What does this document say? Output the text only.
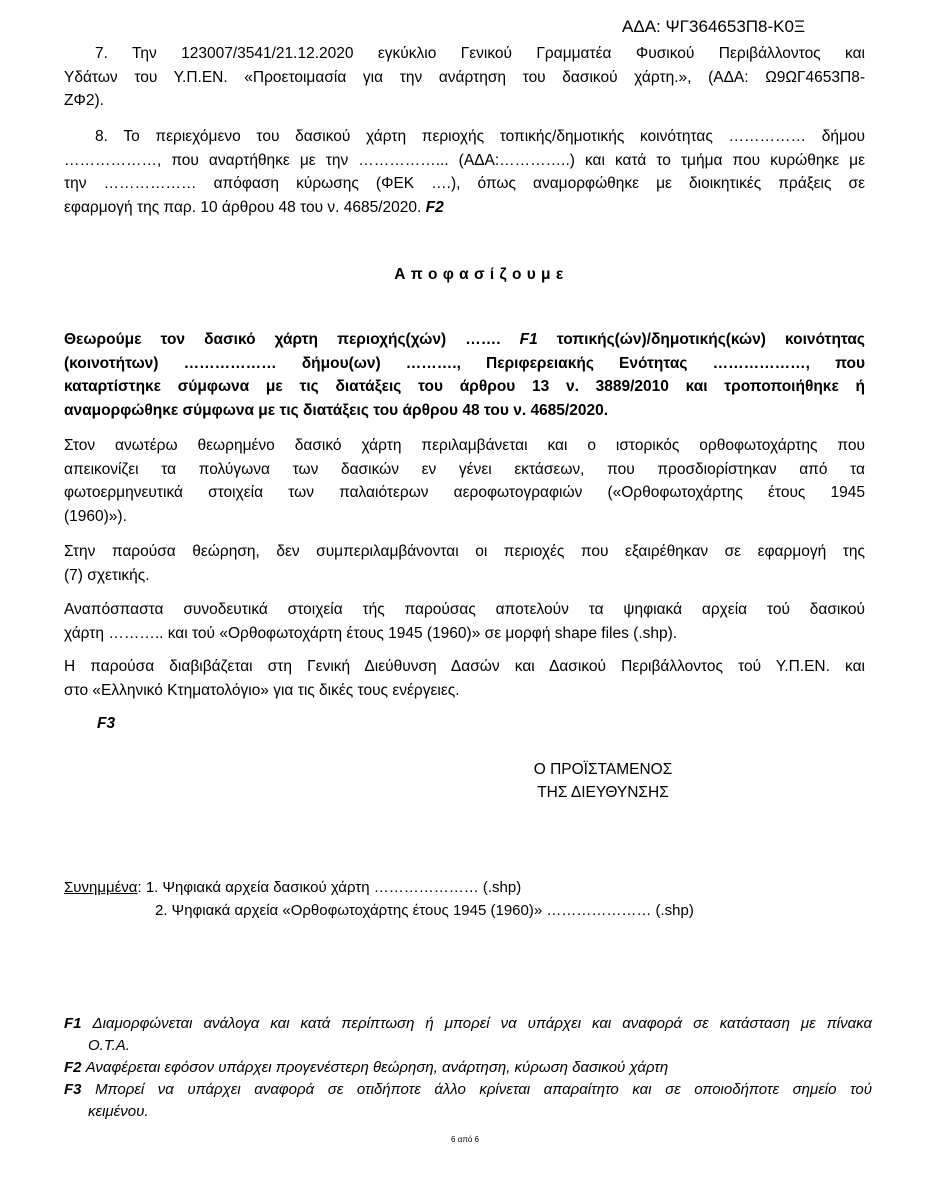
ΑΔΑ: ΨΓ364653Π8-Κ0Ξ
7. Την 123007/3541/21.12.2020 εγκύκλιο Γενικού Γραμματέα Φυσικού Περιβάλλοντος και
Υδάτων του Υ.Π.ΕΝ. «Προετοιμασία για την ανάρτηση του δασικού χάρτη.», (ΑΔΑ: Ω9ΩΓ4653Π8-
ΖΦ2).
8. Το περιεχόμενο του δασικού χάρτη περιοχής τοπικής/δημοτικής κοινότητας …………… δήμου
………………, που αναρτήθηκε με την ……………... (ΑΔΑ:…………..) και κατά το τμήμα που κυρώθηκε με
την ……………… απόφαση κύρωσης (ΦΕΚ ….), όπως αναμορφώθηκε με διοικητικές πράξεις σε
εφαρμογή της παρ. 10 άρθρου 48 του ν. 4685/2020. F2
Α π ο φ α σ ί ζ ο υ μ ε
Θεωρούμε τον δασικό χάρτη περιοχής(χών) ……. F1 τοπικής(ών)/δημοτικής(κών) κοινότητας
(κοινοτήτων) ……………… δήμου(ων) ………., Περιφερειακής Ενότητας ………………, που
καταρτίστηκε σύμφωνα με τις διατάξεις του άρθρου 13 ν. 3889/2010 και τροποποιήθηκε ή
αναμορφώθηκε σύμφωνα με τις διατάξεις του άρθρου 48 του ν. 4685/2020.
Στον ανωτέρω θεωρημένο δασικό χάρτη περιλαμβάνεται και ο ιστορικός ορθοφωτοχάρτης που
απεικονίζει τα πολύγωνα των δασικών εν γένει εκτάσεων, που προσδιορίστηκαν από τα
φωτοερμηνευτικά στοιχεία των παλαιότερων αεροφωτογραφιών («Ορθοφωτοχάρτης έτους 1945
(1960)»).
Στην παρούσα θεώρηση, δεν συμπεριλαμβάνονται οι περιοχές που εξαιρέθηκαν σε εφαρμογή της
(7) σχετικής.
Αναπόσπαστα συνοδευτικά στοιχεία τής παρούσας αποτελούν τα ψηφιακά αρχεία τού δασικού
χάρτη ……….. και τού «Ορθοφωτοχάρτη έτους 1945 (1960)» σε μορφή shape files (.shp).
Η παρούσα διαβιβάζεται στη Γενική Διεύθυνση Δασών και Δασικού Περιβάλλοντος τού Υ.Π.ΕΝ. και
στο «Ελληνικό Κτηματολόγιο» για τις δικές τους ενέργειες.
F3
Ο ΠΡΟΪΣΤΑΜΕΝΟΣ
ΤΗΣ ΔΙΕΥΘΥΝΣΗΣ
Συνημμένα: 1. Ψηφιακά αρχεία δασικού χάρτη ………………… (.shp)
2. Ψηφιακά αρχεία «Ορθοφωτοχάρτης έτους 1945 (1960)» ………………… (.shp)
F1 Διαμορφώνεται ανάλογα και κατά περίπτωση ή μπορεί να υπάρχει και αναφορά σε κατάσταση με πίνακα
Ο.Τ.Α.
F2 Αναφέρεται εφόσον υπάρχει προγενέστερη θεώρηση, ανάρτηση, κύρωση δασικού χάρτη
F3 Μπορεί να υπάρχει αναφορά σε οτιδήποτε άλλο κρίνεται απαραίτητο και σε οποιοδήποτε σημείο τού
κειμένου.
6 από 6
